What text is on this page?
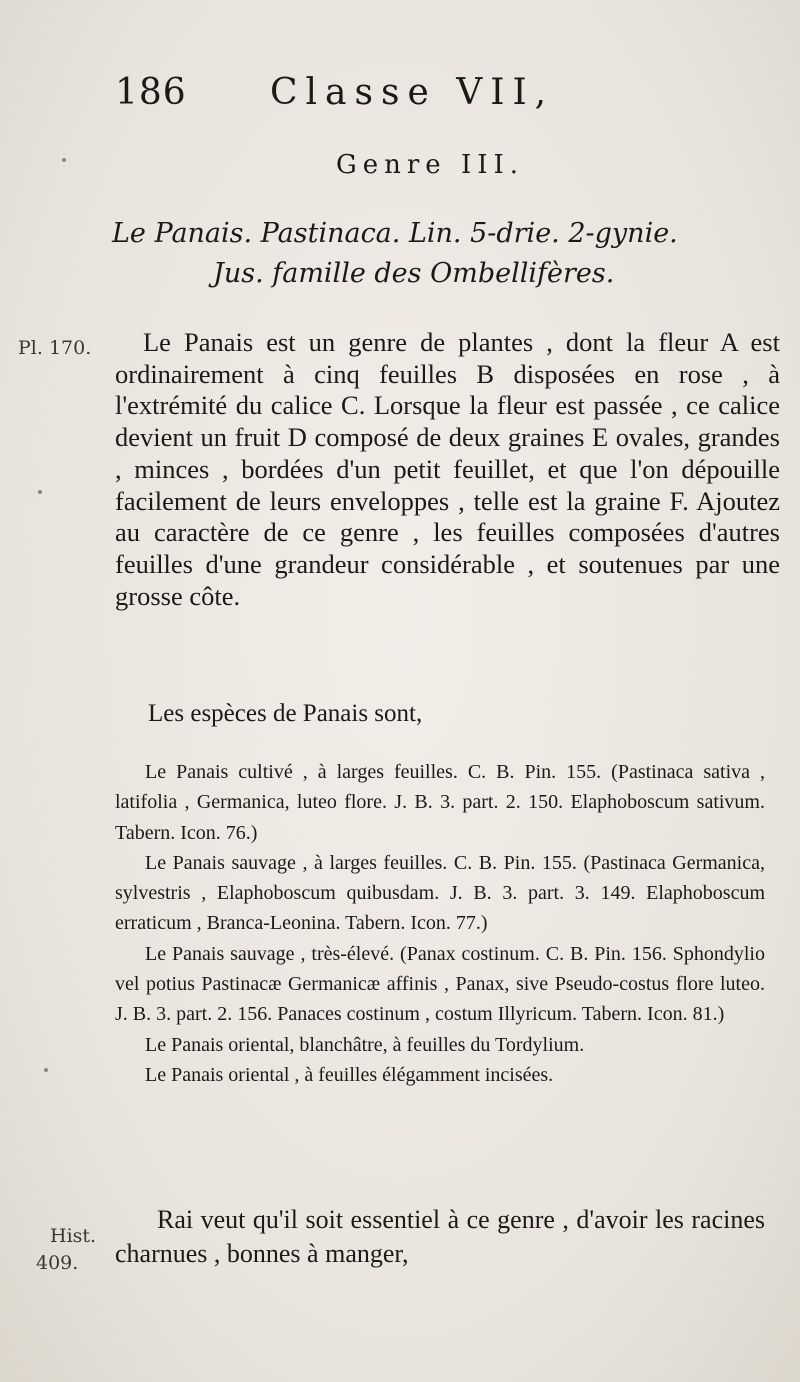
186 Classe VII,
Genre III.
Le Panais. Pastinaca. Lin. 5-drie. 2-gynie.
Jus. famille des Ombellifères.
Pl. 170.	Le Panais est un genre de plantes , dont la fleur A est ordinairement à cinq feuilles B disposées en rose , à l'extrémité du calice C. Lorsque la fleur est passée , ce calice devient un fruit D composé de deux graines E ovales, grandes , minces , bordées d'un petit feuillet, et que l'on dépouille facilement de leurs enveloppes , telle est la graine F. Ajoutez au caractère de ce genre , les feuilles composées d'autres feuilles d'une grandeur considérable , et soutenues par une grosse côte.
Les espèces de Panais sont,

Le Panais cultivé , à larges feuilles. C. B. Pin. 155. (Pastinaca sativa , latifolia , Germanica, luteo flore. J. B. 3. part. 2. 150. Elaphoboscum sativum. Tabern. Icon. 76.)

Le Panais sauvage , à larges feuilles. C. B. Pin. 155. (Pastinaca Germanica, sylvestris , Elaphoboscum quibusdam. J. B. 3. part. 3. 149. Elaphoboscum erraticum , Branca-Leonina. Tabern. Icon. 77.)

Le Panais sauvage , très-élevé. (Panax costinum. C. B. Pin. 156. Sphondylio vel potius Pastinacæ Germanicæ affinis , Panax, sive Pseudo-costus flore luteo. J. B. 3. part. 2. 156. Panaces costinum , costum Illyricum. Tabern. Icon. 81.)

Le Panais oriental, blanchâtre, à feuilles du Tordylium.

Le Panais oriental , à feuilles élégamment incisées.

Hist.
409.
Rai veut qu'il soit essentiel à ce genre , d'avoir les racines charnues , bonnes à manger,
